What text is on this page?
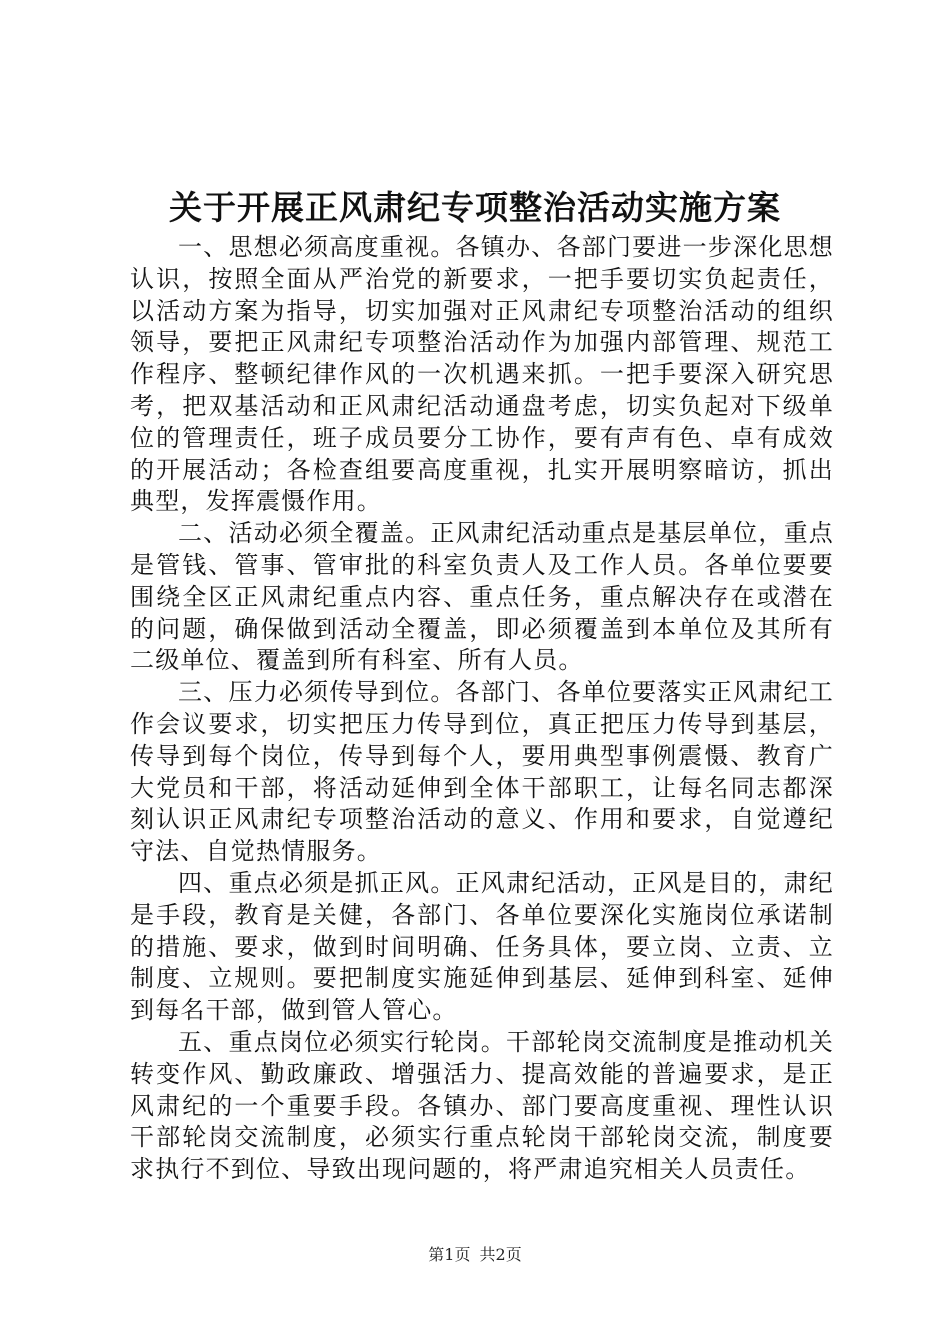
关于开展正风肃纪专项整治活动实施方案

一、思想必须高度重视。各镇办、各部门要进一步深化思想认识，按照全面从严治党的新要求，一把手要切实负起责任，以活动方案为指导，切实加强对正风肃纪专项整治活动的组织领导，要把正风肃纪专项整治活动作为加强内部管理、规范工作程序、整顿纪律作风的一次机遇来抓。一把手要深入研究思考，把双基活动和正风肃纪活动通盘考虑，切实负起对下级单位的管理责任，班子成员要分工协作，要有声有色、卓有成效的开展活动；各检查组要高度重视，扎实开展明察暗访，抓出典型，发挥震慑作用。

二、活动必须全覆盖。正风肃纪活动重点是基层单位，重点是管钱、管事、管审批的科室负责人及工作人员。各单位要要围绕全区正风肃纪重点内容、重点任务，重点解决存在或潜在的问题，确保做到活动全覆盖，即必须覆盖到本单位及其所有二级单位、覆盖到所有科室、所有人员。

三、压力必须传导到位。各部门、各单位要落实正风肃纪工作会议要求，切实把压力传导到位，真正把压力传导到基层，传导到每个岗位，传导到每个人，要用典型事例震慑、教育广大党员和干部，将活动延伸到全体干部职工，让每名同志都深刻认识正风肃纪专项整治活动的意义、作用和要求，自觉遵纪守法、自觉热情服务。

四、重点必须是抓正风。正风肃纪活动，正风是目的，肃纪是手段，教育是关健，各部门、各单位要深化实施岗位承诺制的措施、要求，做到时间明确、任务具体，要立岗、立责、立制度、立规则。要把制度实施延伸到基层、延伸到科室、延伸到每名干部，做到管人管心。

五、重点岗位必须实行轮岗。干部轮岗交流制度是推动机关转变作风、勤政廉政、增强活力、提高效能的普遍要求，是正风肃纪的一个重要手段。各镇办、部门要高度重视、理性认识干部轮岗交流制度，必须实行重点轮岗干部轮岗交流，制度要求执行不到位、导致出现问题的，将严肃追究相关人员责任。

第1页 共2页
